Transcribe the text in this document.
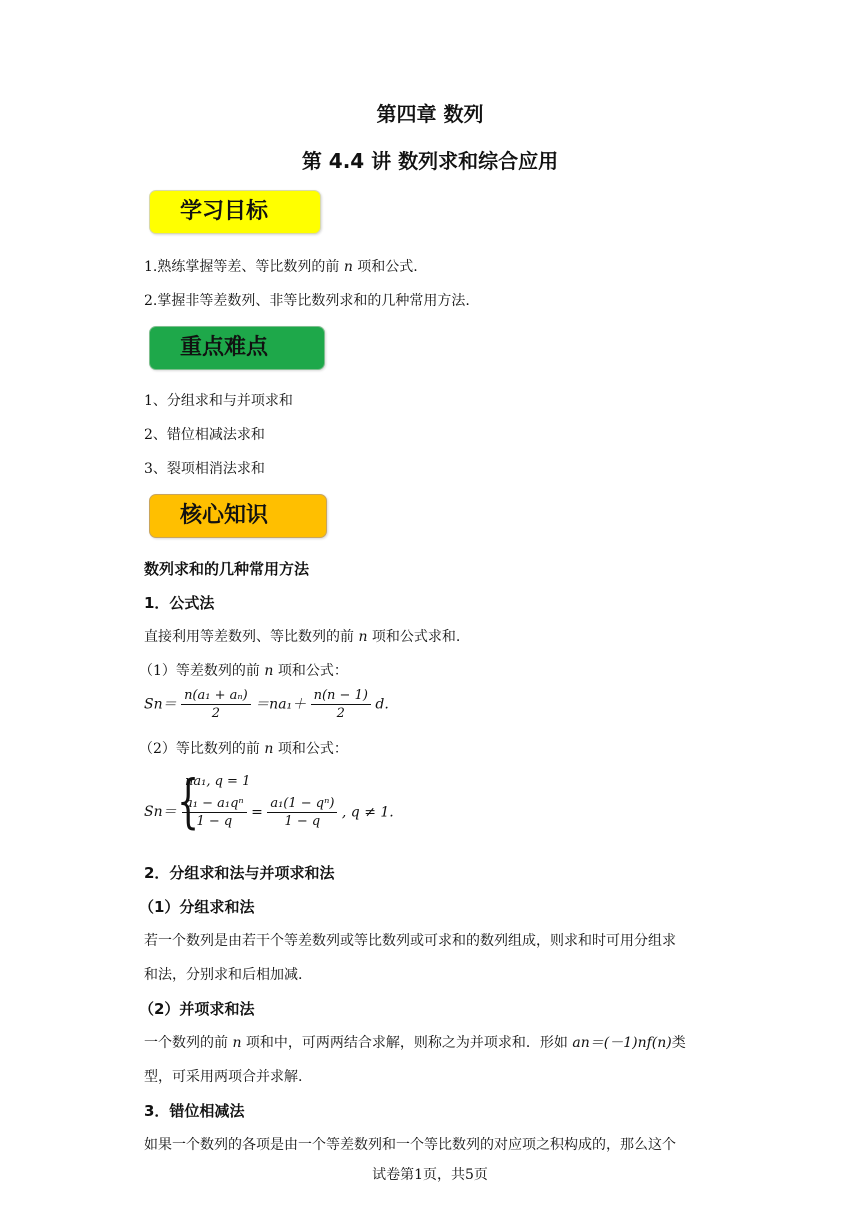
第四章 数列
第 4.4 讲 数列求和综合应用
学习目标
1.熟练掌握等差、等比数列的前 n 项和公式.
2.掌握非等差数列、非等比数列求和的几种常用方法.
重点难点
1、分组求和与并项求和
2、错位相减法求和
3、裂项相消法求和
核心知识
数列求和的几种常用方法
1．公式法
直接利用等差数列、等比数列的前 n 项和公式求和.
（1）等差数列的前 n 项和公式：
$Sn= \frac{\text{n(a₁ + aₙ)}}{2} =na_1+ \frac{n(n - 1)}{2} d$.
（2）等比数列的前 n 项和公式：
Sn＝ {
na₁, q = 1
$\frac{\text{a₁ − a₁qⁿ}}{1 - q} = \frac{\text{a₁(1 − qⁿ)}}{1 - q}$ , q ≠ 1.
2．分组求和法与并项求和法
（1）分组求和法
若一个数列是由若干个等差数列或等比数列或可求和的数列组成，则求和时可用分组求
和法，分别求和后相加减.
（2）并项求和法
一个数列的前 n 项和中，可两两结合求解，则称之为并项求和．形如 an＝(－1)nf(n)类
型，可采用两项合并求解.
3．错位相减法
如果一个数列的各项是由一个等差数列和一个等比数列的对应项之积构成的，那么这个
试卷第1页，共5页
